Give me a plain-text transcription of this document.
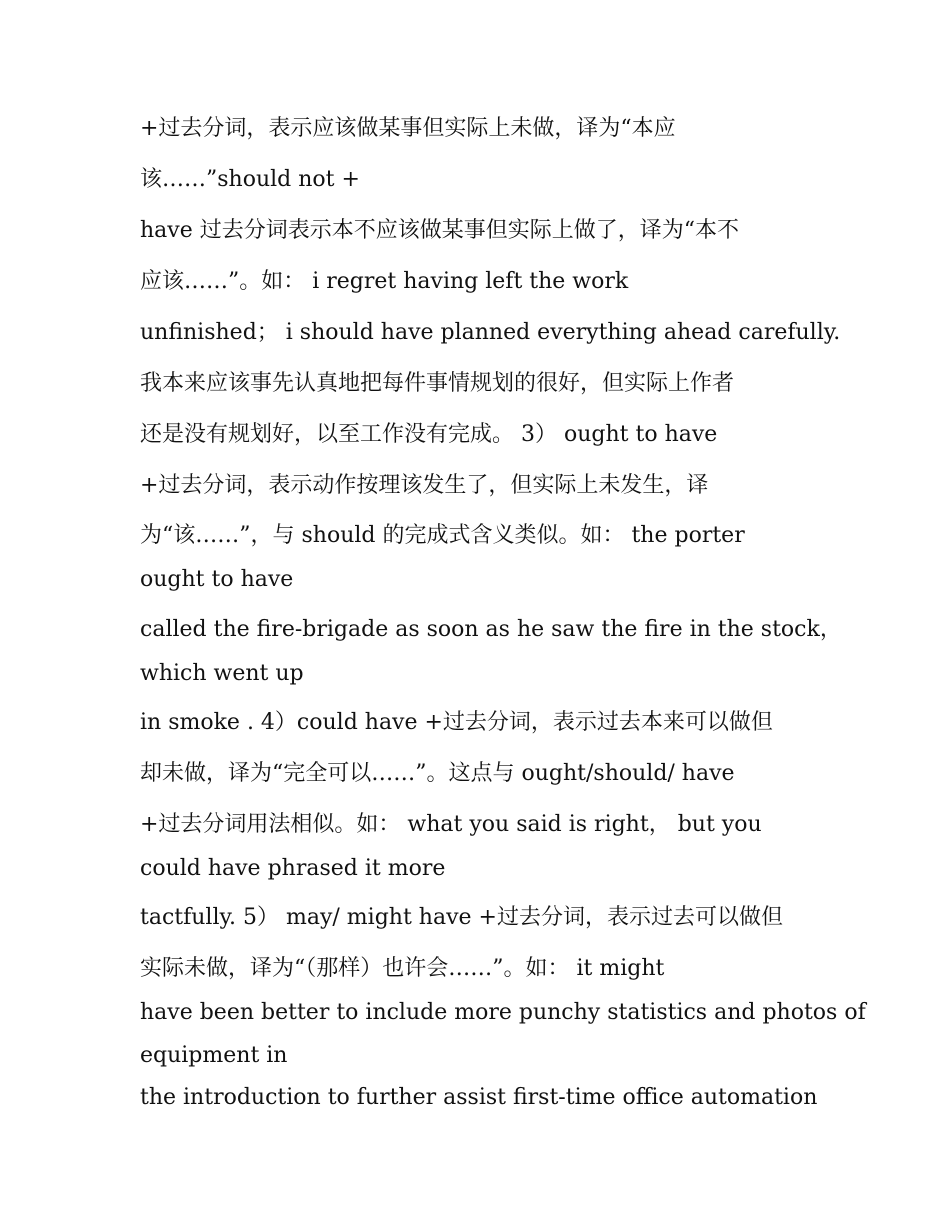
+过去分词，表示应该做某事但实际上未做，译为“本应
该……”should not +
have 过去分词表示本不应该做某事但实际上做了，译为“本不
应该……”。如： i regret having left the work
unfinished； i should have planned everything ahead carefully.
我本来应该事先认真地把每件事情规划的很好，但实际上作者
还是没有规划好，以至工作没有完成。 3） ought to have
+过去分词，表示动作按理该发生了，但实际上未发生，译
为“该……”，与 should 的完成式含义类似。如： the porter
ought to have
called the fire-brigade as soon as he saw the fire in the stock，
which went up
in smoke . 4）could have +过去分词，表示过去本来可以做但
却未做，译为“完全可以……”。这点与 ought/should/ have
+过去分词用法相似。如： what you said is right， but you
could have phrased it more
tactfully. 5） may/ might have +过去分词，表示过去可以做但
实际未做，译为“（那样）也许会……”。如： it might
have been better to include more punchy statistics and photos of
equipment in
the introduction to further assist first-time office automation
